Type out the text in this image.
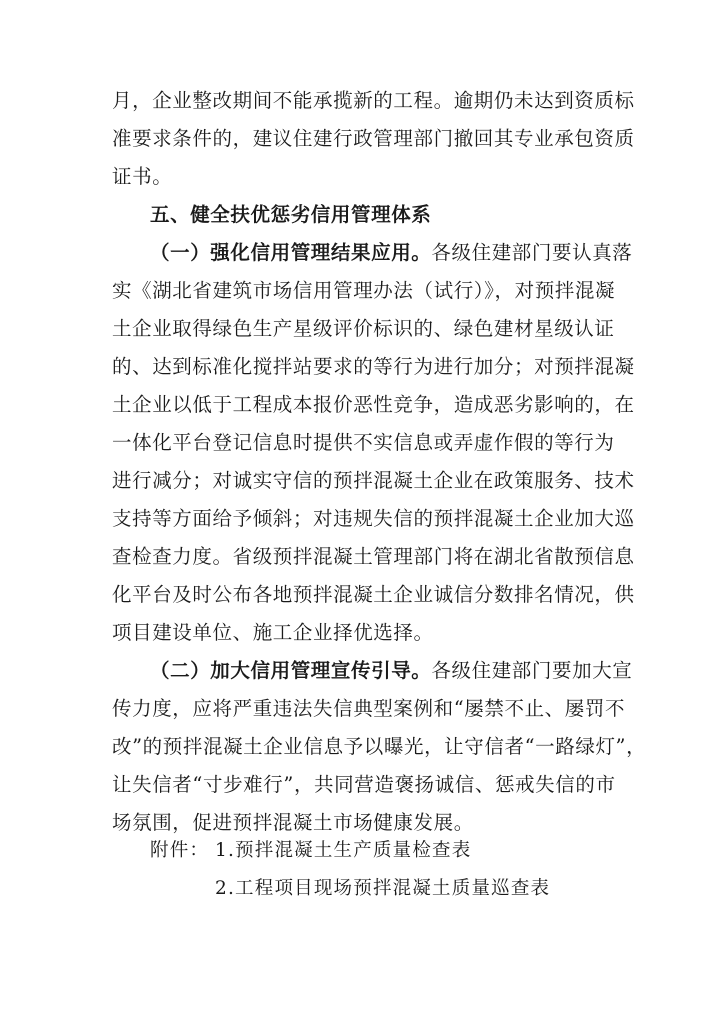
月，企业整改期间不能承揽新的工程。逾期仍未达到资质标
准要求条件的，建议住建行政管理部门撤回其专业承包资质
证书。
五、健全扶优惩劣信用管理体系
（一）强化信用管理结果应用。各级住建部门要认真落
实《湖北省建筑市场信用管理办法（试行）》，对预拌混凝
土企业取得绿色生产星级评价标识的、绿色建材星级认证
的、达到标准化搅拌站要求的等行为进行加分；对预拌混凝
土企业以低于工程成本报价恶性竞争，造成恶劣影响的，在
一体化平台登记信息时提供不实信息或弄虚作假的等行为
进行减分；对诚实守信的预拌混凝土企业在政策服务、技术
支持等方面给予倾斜；对违规失信的预拌混凝土企业加大巡
查检查力度。省级预拌混凝土管理部门将在湖北省散预信息
化平台及时公布各地预拌混凝土企业诚信分数排名情况，供
项目建设单位、施工企业择优选择。
（二）加大信用管理宣传引导。各级住建部门要加大宣
传力度，应将严重违法失信典型案例和“屡禁不止、屡罚不
改”的预拌混凝土企业信息予以曝光，让守信者“一路绿灯”，
让失信者“寸步难行”，共同营造褒扬诚信、惩戒失信的市
场氛围，促进预拌混凝土市场健康发展。
附件： 1.预拌混凝土生产质量检查表
2.工程项目现场预拌混凝土质量巡查表
